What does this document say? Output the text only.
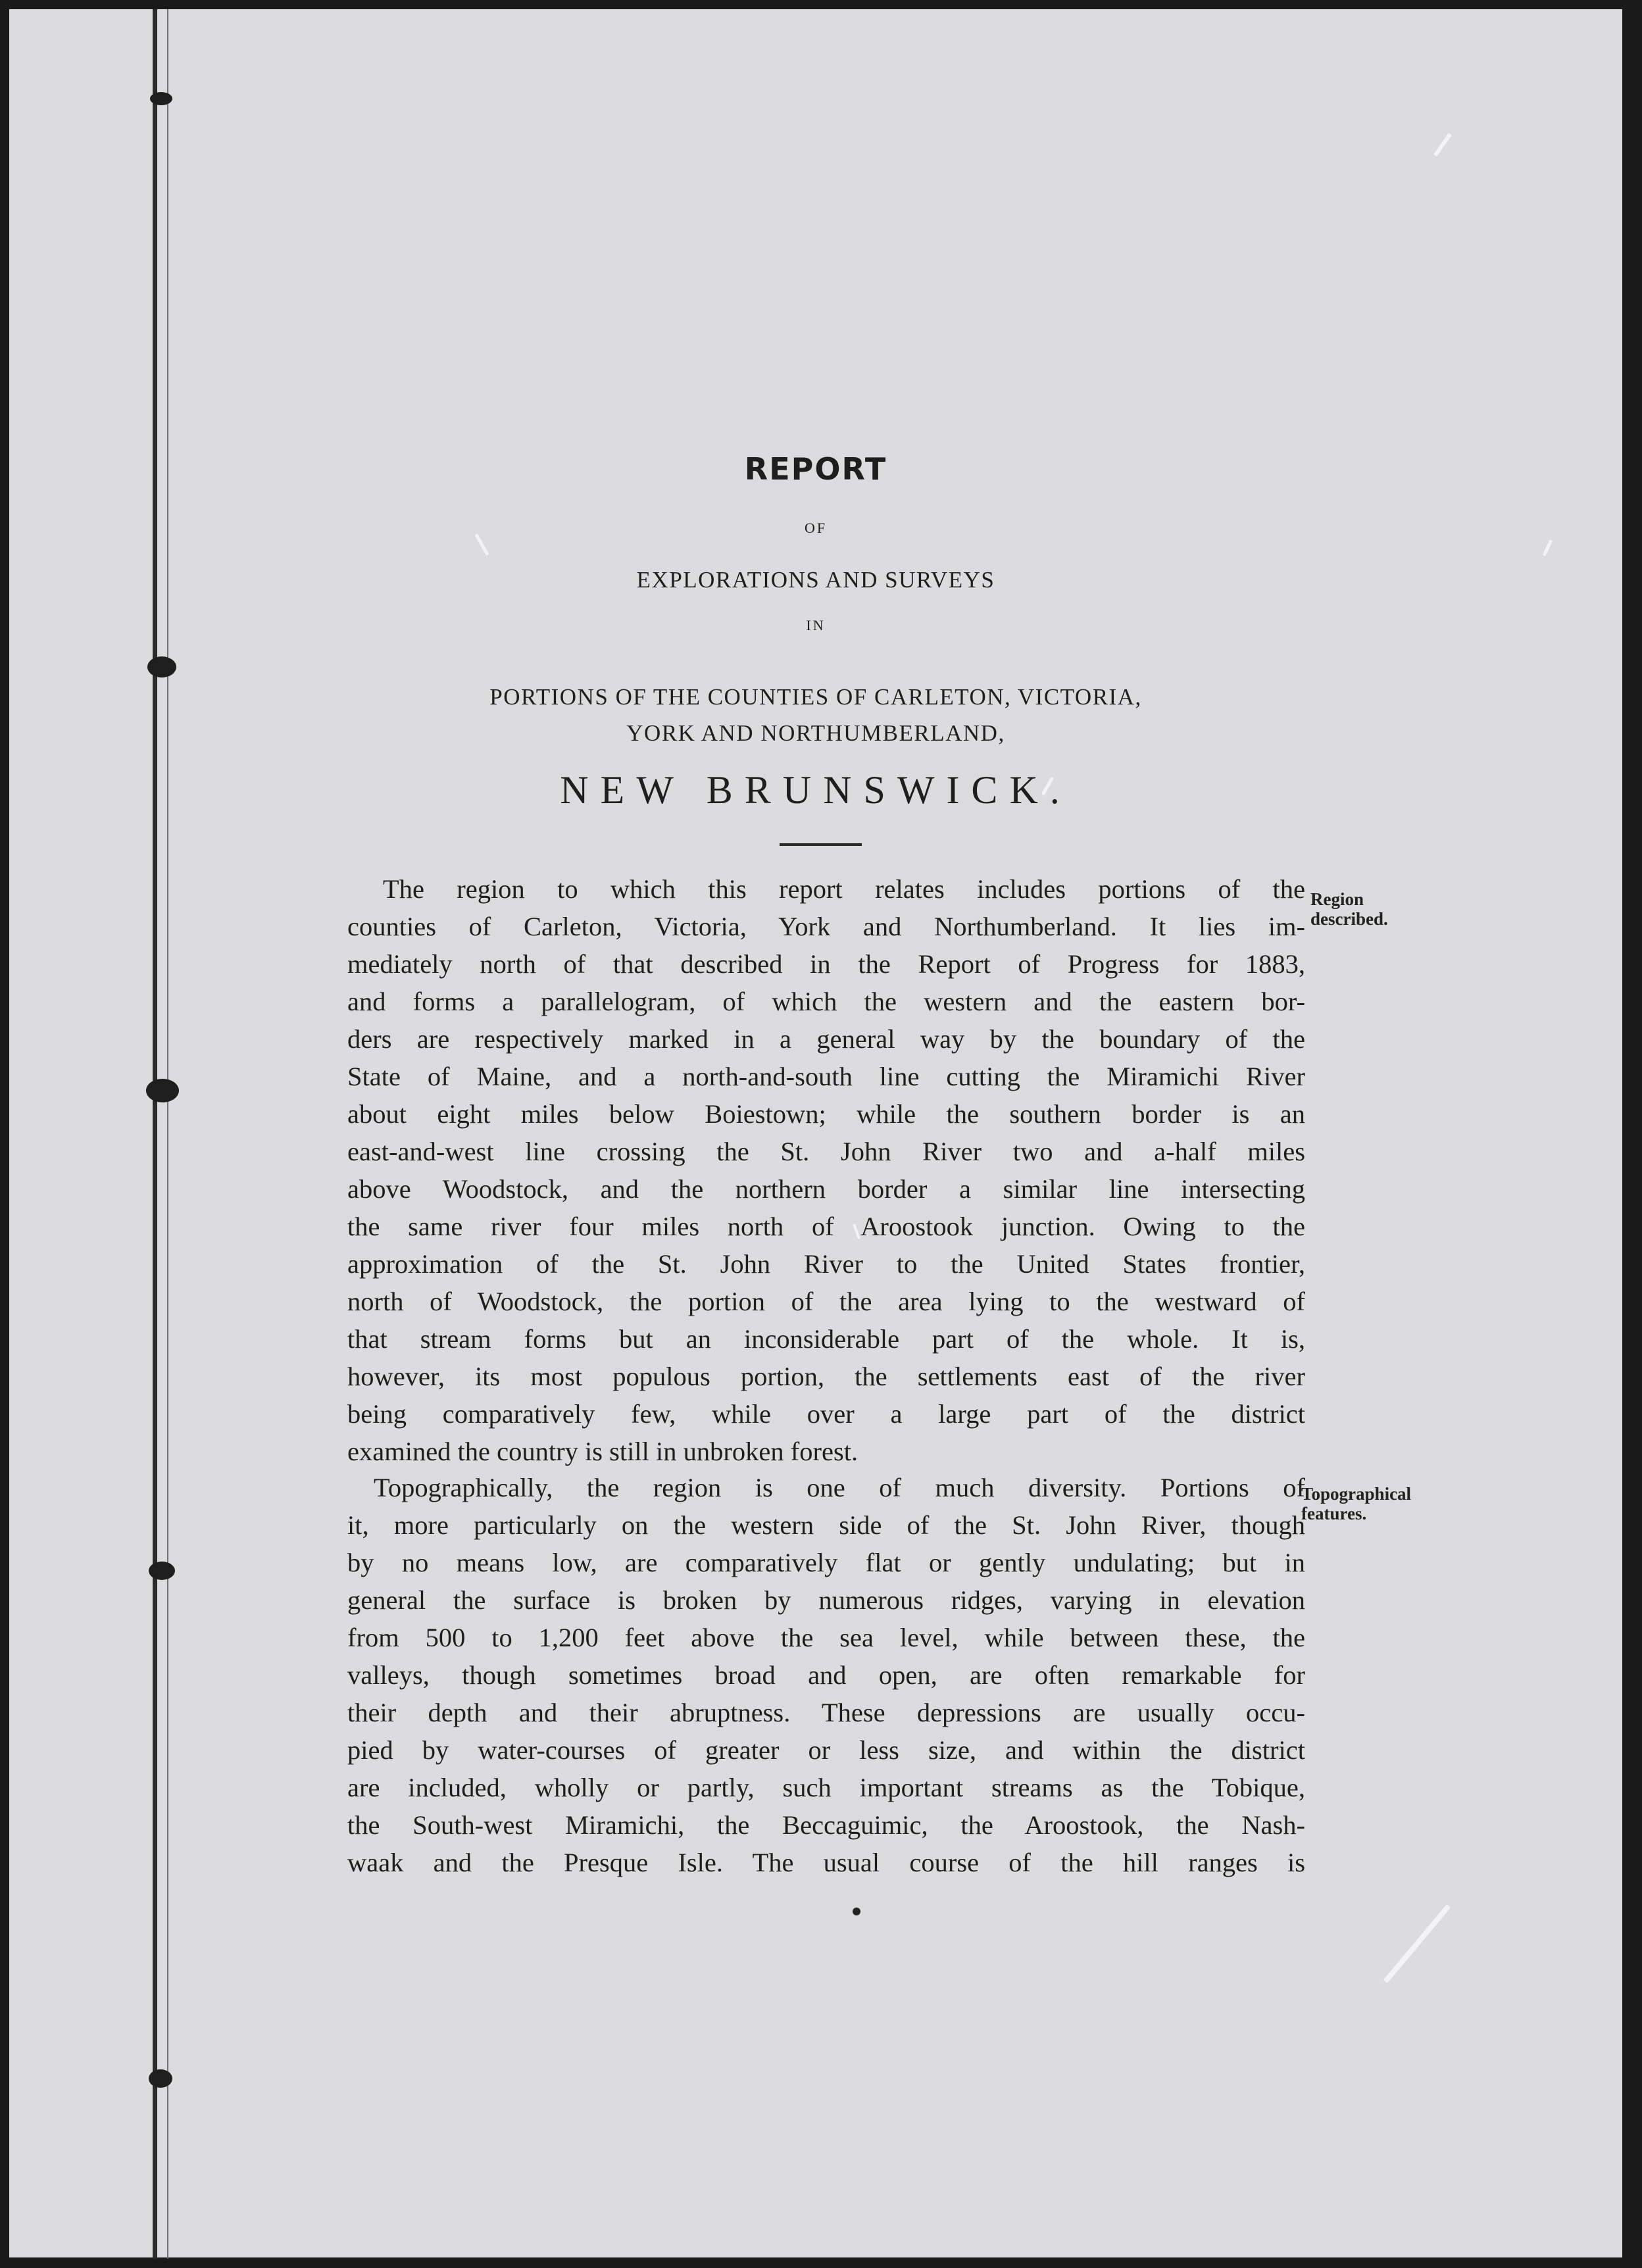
REPORT
OF
EXPLORATIONS AND SURVEYS
IN
PORTIONS OF THE COUNTIES OF CARLETON, VICTORIA,
YORK AND NORTHUMBERLAND,
NEW BRUNSWICK.
The region to which this report relates includes portions of the
counties of Carleton, Victoria, York and Northumberland. It lies im-
mediately north of that described in the Report of Progress for 1883,
and forms a parallelogram, of which the western and the eastern bor-
ders are respectively marked in a general way by the boundary of the
State of Maine, and a north-and-south line cutting the Miramichi River
about eight miles below Boiestown; while the southern border is an
east-and-west line crossing the St. John River two and a-half miles
above Woodstock, and the northern border a similar line intersecting
the same river four miles north of Aroostook junction. Owing to the
approximation of the St. John River to the United States frontier,
north of Woodstock, the portion of the area lying to the westward of
that stream forms but an inconsiderable part of the whole. It is,
however, its most populous portion, the settlements east of the river
being comparatively few, while over a large part of the district
examined the country is still in unbroken forest.
Topographically, the region is one of much diversity. Portions of
it, more particularly on the western side of the St. John River, though
by no means low, are comparatively flat or gently undulating; but in
general the surface is broken by numerous ridges, varying in elevation
from 500 to 1,200 feet above the sea level, while between these, the
valleys, though sometimes broad and open, are often remarkable for
their depth and their abruptness. These depressions are usually occu-
pied by water-courses of greater or less size, and within the district
are included, wholly or partly, such important streams as the Tobique,
the South-west Miramichi, the Beccaguimic, the Aroostook, the Nash-
waak and the Presque Isle. The usual course of the hill ranges is
Region
described.
Topographical
features.
